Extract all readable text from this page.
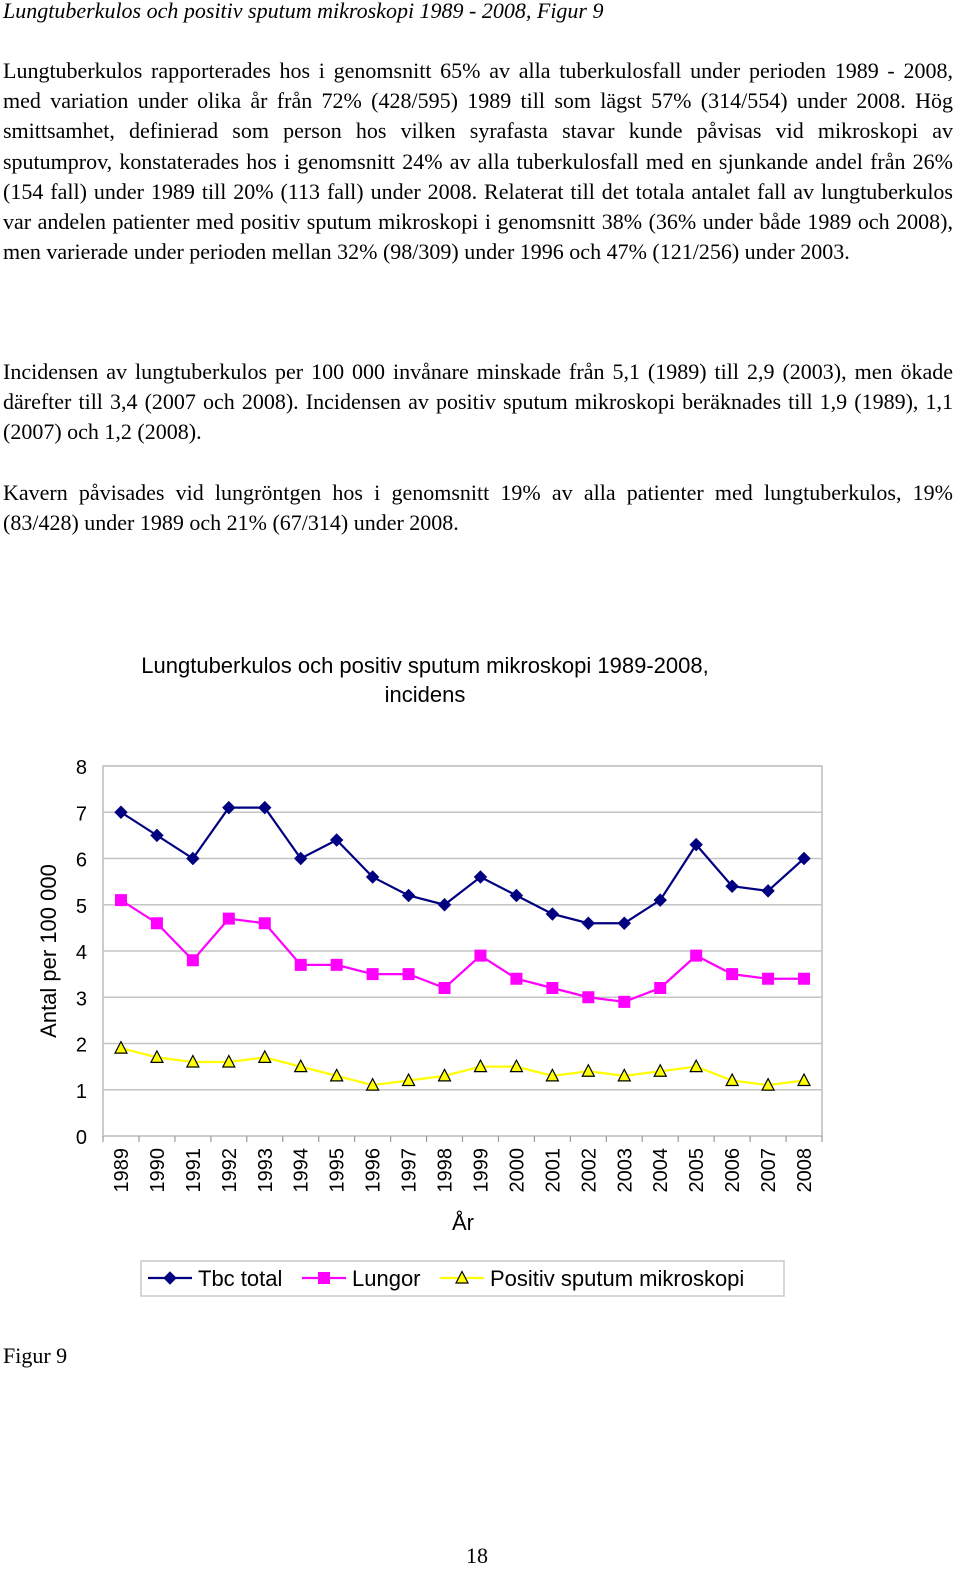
Lungtuberkulos och positiv sputum mikroskopi 1989 - 2008, Figur 9
Lungtuberkulos rapporterades hos i genomsnitt 65% av alla tuberkulosfall under perioden 1989 - 2008, med variation under olika år från 72% (428/595) 1989 till som lägst 57% (314/554) under 2008. Hög smittsamhet, definierad som person hos vilken syrafasta stavar kunde påvisas vid mikroskopi av sputumprov, konstaterades hos i genomsnitt 24% av alla tuberkulosfall med en sjunkande andel från 26% (154 fall) under 1989 till 20% (113 fall) under 2008. Relaterat till det totala antalet fall av lungtuberkulos var andelen patienter med positiv sputum mikroskopi i genomsnitt 38% (36% under både 1989 och 2008), men varierade under perioden mellan 32% (98/309) under 1996 och 47% (121/256) under 2003.
Incidensen av lungtuberkulos per 100 000 invånare minskade från 5,1 (1989) till 2,9 (2003), men ökade därefter till 3,4 (2007 och 2008). Incidensen av positiv sputum mikroskopi beräknades till 1,9 (1989), 1,1 (2007) och 1,2 (2008).
Kavern påvisades vid lungröntgen hos i genomsnitt 19% av alla patienter med lungtuberkulos, 19% (83/428) under 1989 och 21% (67/314) under 2008.
Lungtuberkulos och positiv sputum mikroskopi 1989-2008,
incidens
0
1
2
3
4
5
6
7
8
1989 1990 1991 1992 1993 1994 1995 1996 1997 1998 1999 2000 2001 2002 2003 2004 2005 2006 2007 2008
Antal per 100 000
År
Tbc total	Lungor	Positiv sputum mikroskopi
Figur 9
18
